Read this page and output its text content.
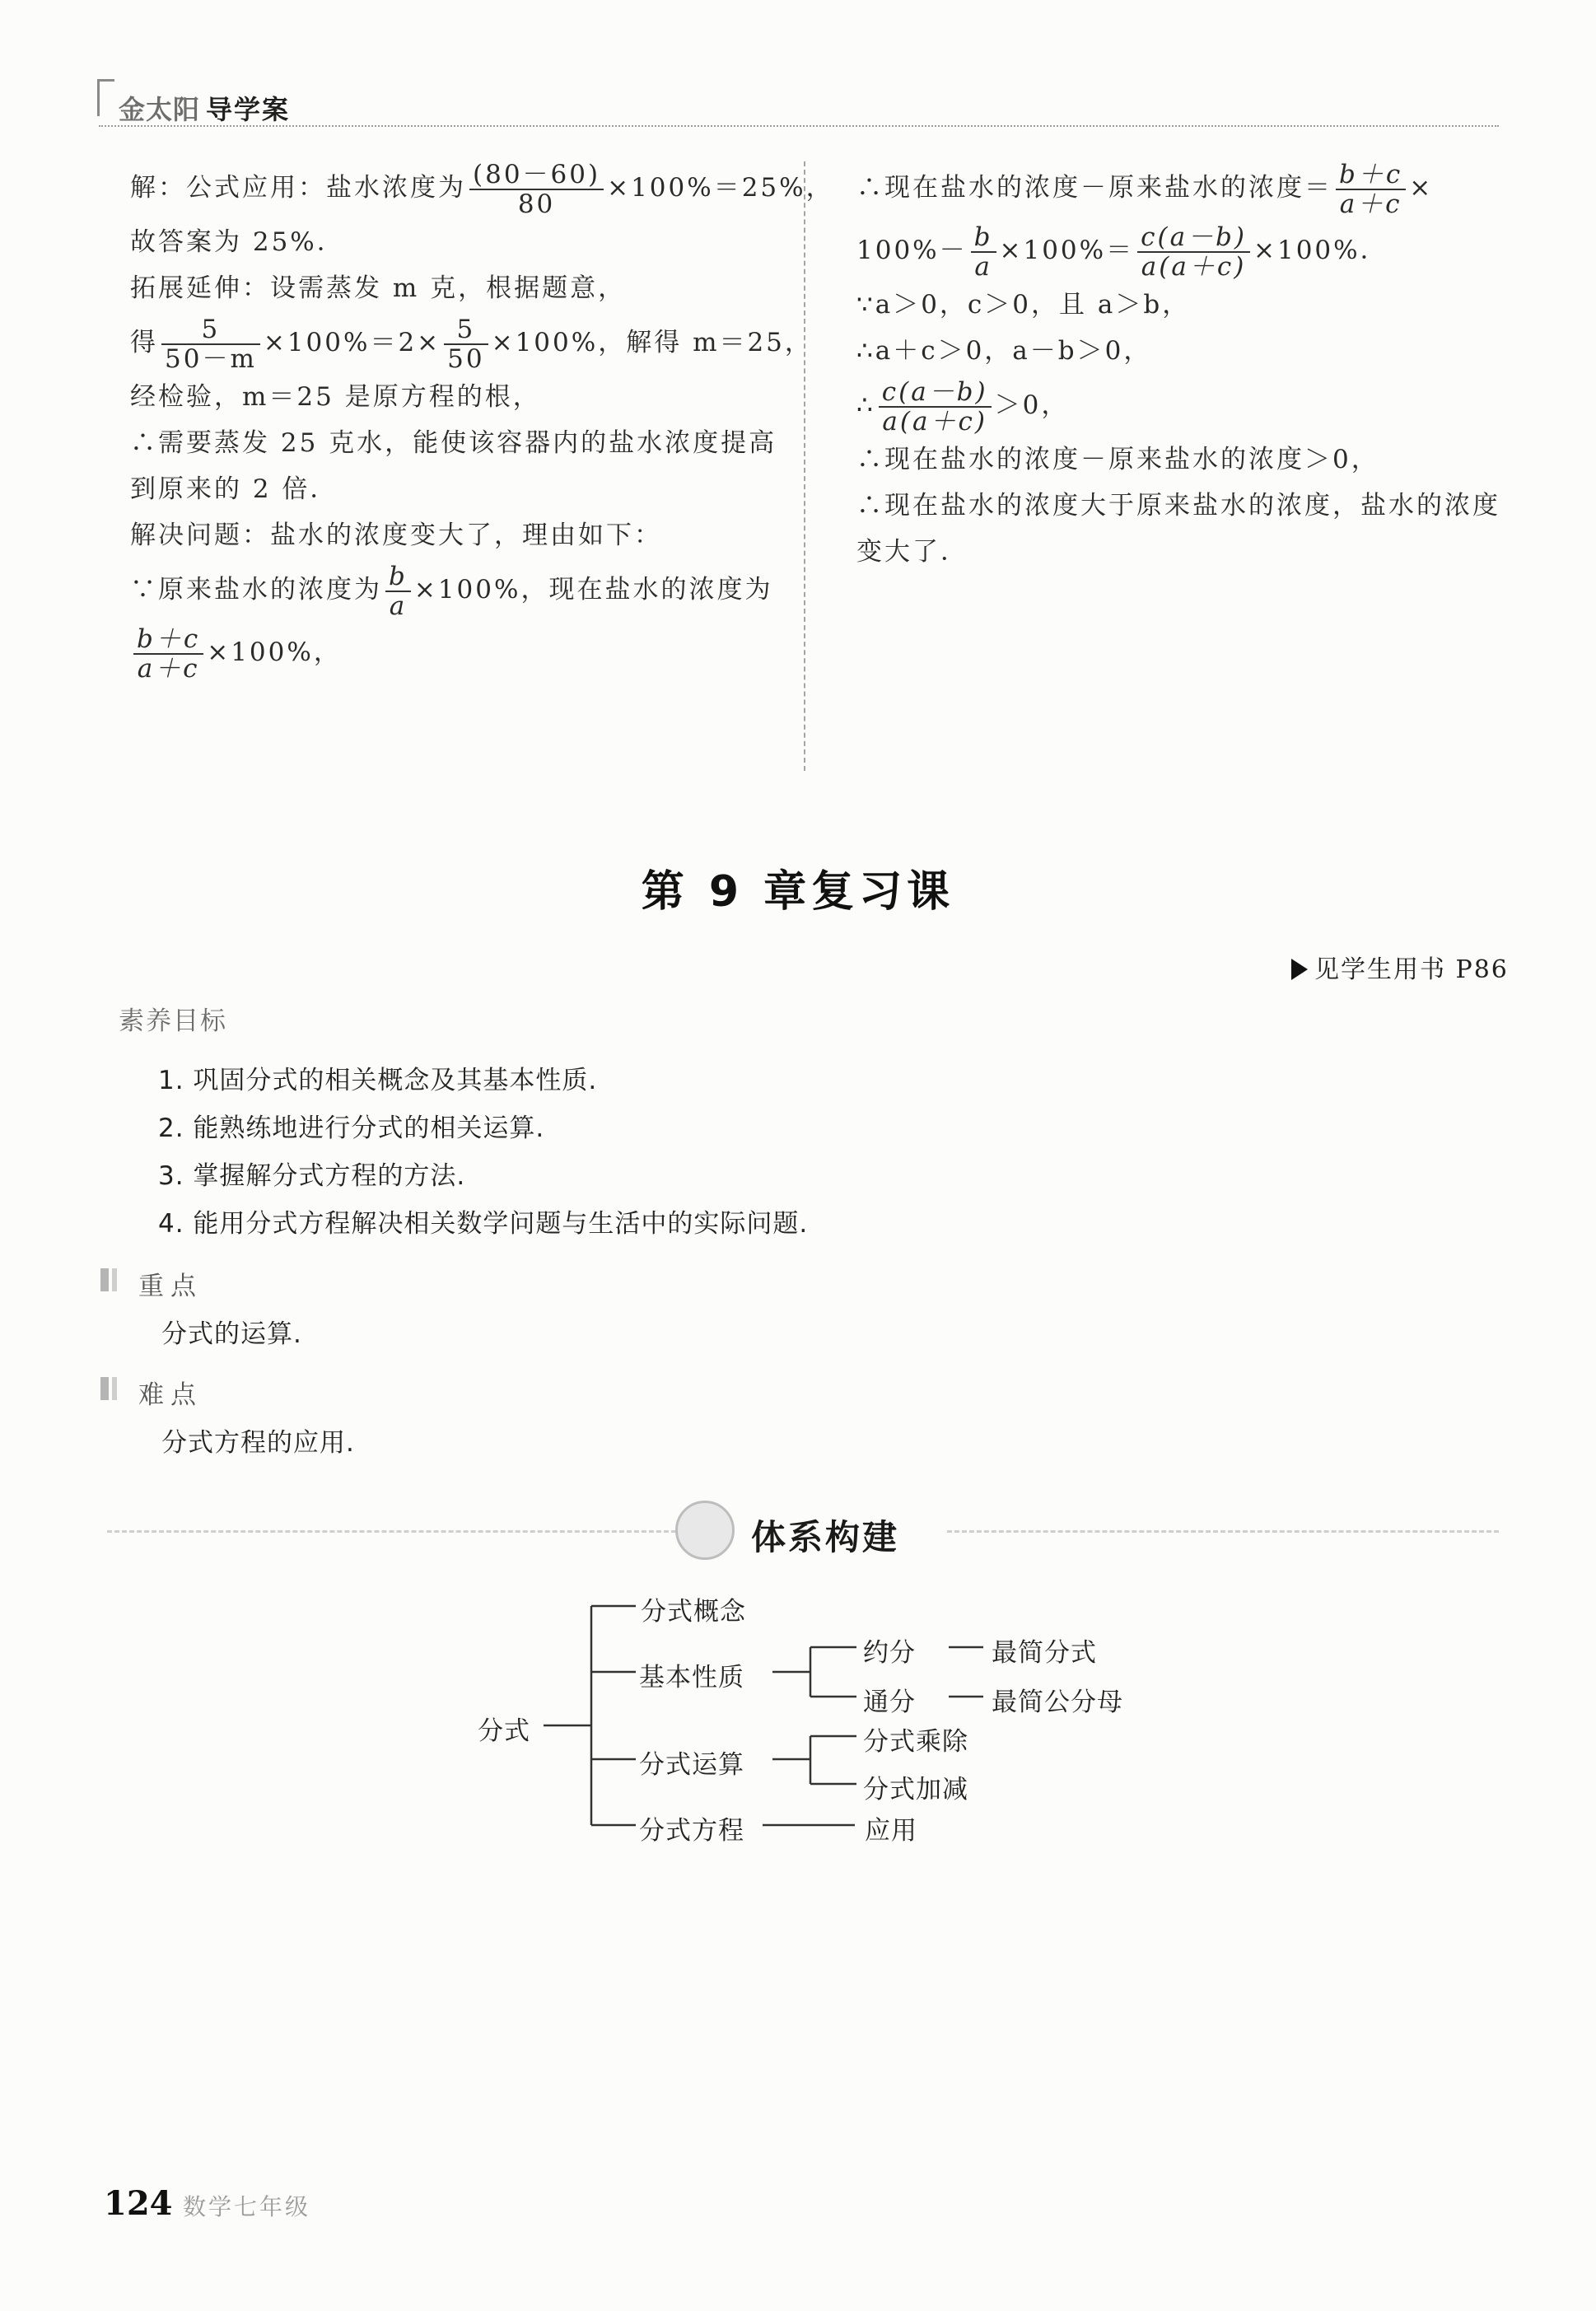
金太阳 导学案
解：公式应用：盐水浓度为 $\frac{(80-60)}{80} \times 100\%=25\%$，
故答案为 25%．
拓展延伸：设需蒸发 m 克，根据题意，
得 $\frac{5}{50-m} \times 100\%=2\times \frac{5}{50} \times 100\%$，解得 m＝25，
经检验，m＝25 是原方程的根，
∴需要蒸发 25 克水，能使该容器内的盐水浓度提高
到原来的 2 倍．
解决问题：盐水的浓度变大了，理由如下：
∵原来盐水的浓度为 $\frac{b}{a} \times 100\%$，现在盐水的浓度为
$\frac{b+c}{a+c} \times 100\%$，
∴现在盐水的浓度－原来盐水的浓度＝ $\frac{b+c}{a+c}$ ×
$100\%- \frac{b}{a} \times 100\%= \frac{c(a-b)}{a(a+c)} \times 100\%$．
∵a＞0，c＞0，且 a＞b，
∴a＋c＞0，a－b＞0，
∴ $\frac{c(a-b)}{a(a+c)} >0$，
∴现在盐水的浓度－原来盐水的浓度＞0，
∴现在盐水的浓度大于原来盐水的浓度，盐水的浓度
变大了．
第 9 章复习课
见学生用书 P86
素养目标
1. 巩固分式的相关概念及其基本性质.
2. 能熟练地进行分式的相关运算.
3. 掌握解分式方程的方法.
4. 能用分式方程解决相关数学问题与生活中的实际问题.
重点
分式的运算.
难点
分式方程的应用.
体系构建
分式
分式概念
基本性质
分式运算
分式方程
约分	最简分式
通分	最简公分母
分式乘除
分式加减
应用
124 数学七年级
